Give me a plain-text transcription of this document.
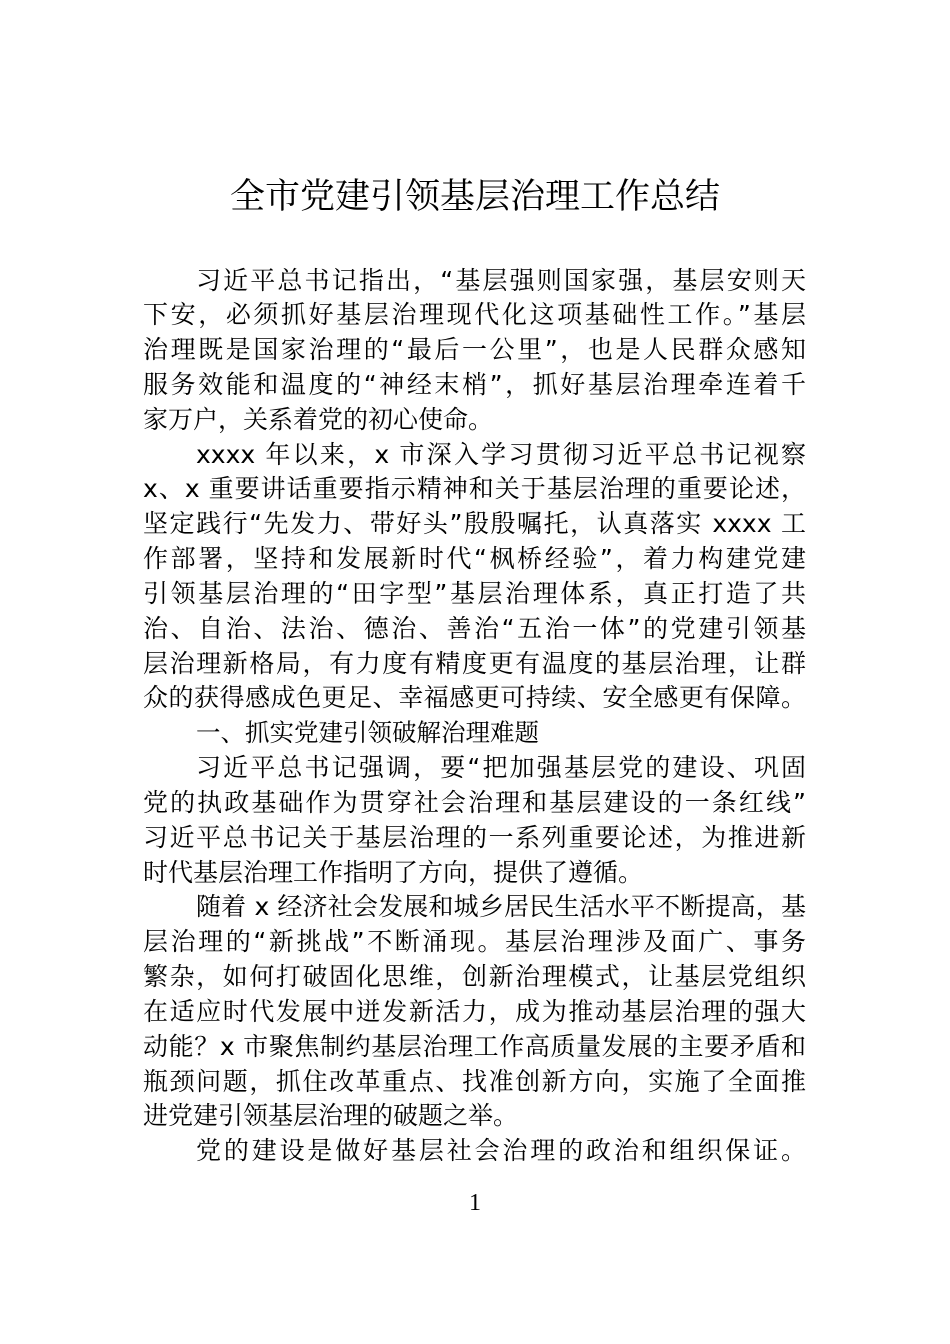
全市党建引领基层治理工作总结
习近平总书记指出，“基层强则国家强，基层安则天
下安，必须抓好基层治理现代化这项基础性工作。”基层
治理既是国家治理的“最后一公里”，也是人民群众感知
服务效能和温度的“神经末梢”，抓好基层治理牵连着千
家万户，关系着党的初心使命。
xxxx 年以来，x 市深入学习贯彻习近平总书记视察
x、x 重要讲话重要指示精神和关于基层治理的重要论述，
坚定践行“先发力、带好头”殷殷嘱托，认真落实 xxxx 工
作部署，坚持和发展新时代“枫桥经验”，着力构建党建
引领基层治理的“田字型”基层治理体系，真正打造了共
治、自治、法治、德治、善治“五治一体”的党建引领基
层治理新格局，有力度有精度更有温度的基层治理，让群
众的获得感成色更足、幸福感更可持续、安全感更有保障。
一、抓实党建引领破解治理难题
习近平总书记强调，要“把加强基层党的建设、巩固
党的执政基础作为贯穿社会治理和基层建设的一条红线”
习近平总书记关于基层治理的一系列重要论述，为推进新
时代基层治理工作指明了方向，提供了遵循。
随着 x 经济社会发展和城乡居民生活水平不断提高，基
层治理的“新挑战”不断涌现。基层治理涉及面广、事务
繁杂，如何打破固化思维，创新治理模式，让基层党组织
在适应时代发展中迸发新活力，成为推动基层治理的强大
动能？x 市聚焦制约基层治理工作高质量发展的主要矛盾和
瓶颈问题，抓住改革重点、找准创新方向，实施了全面推
进党建引领基层治理的破题之举。
党的建设是做好基层社会治理的政治和组织保证。
1
